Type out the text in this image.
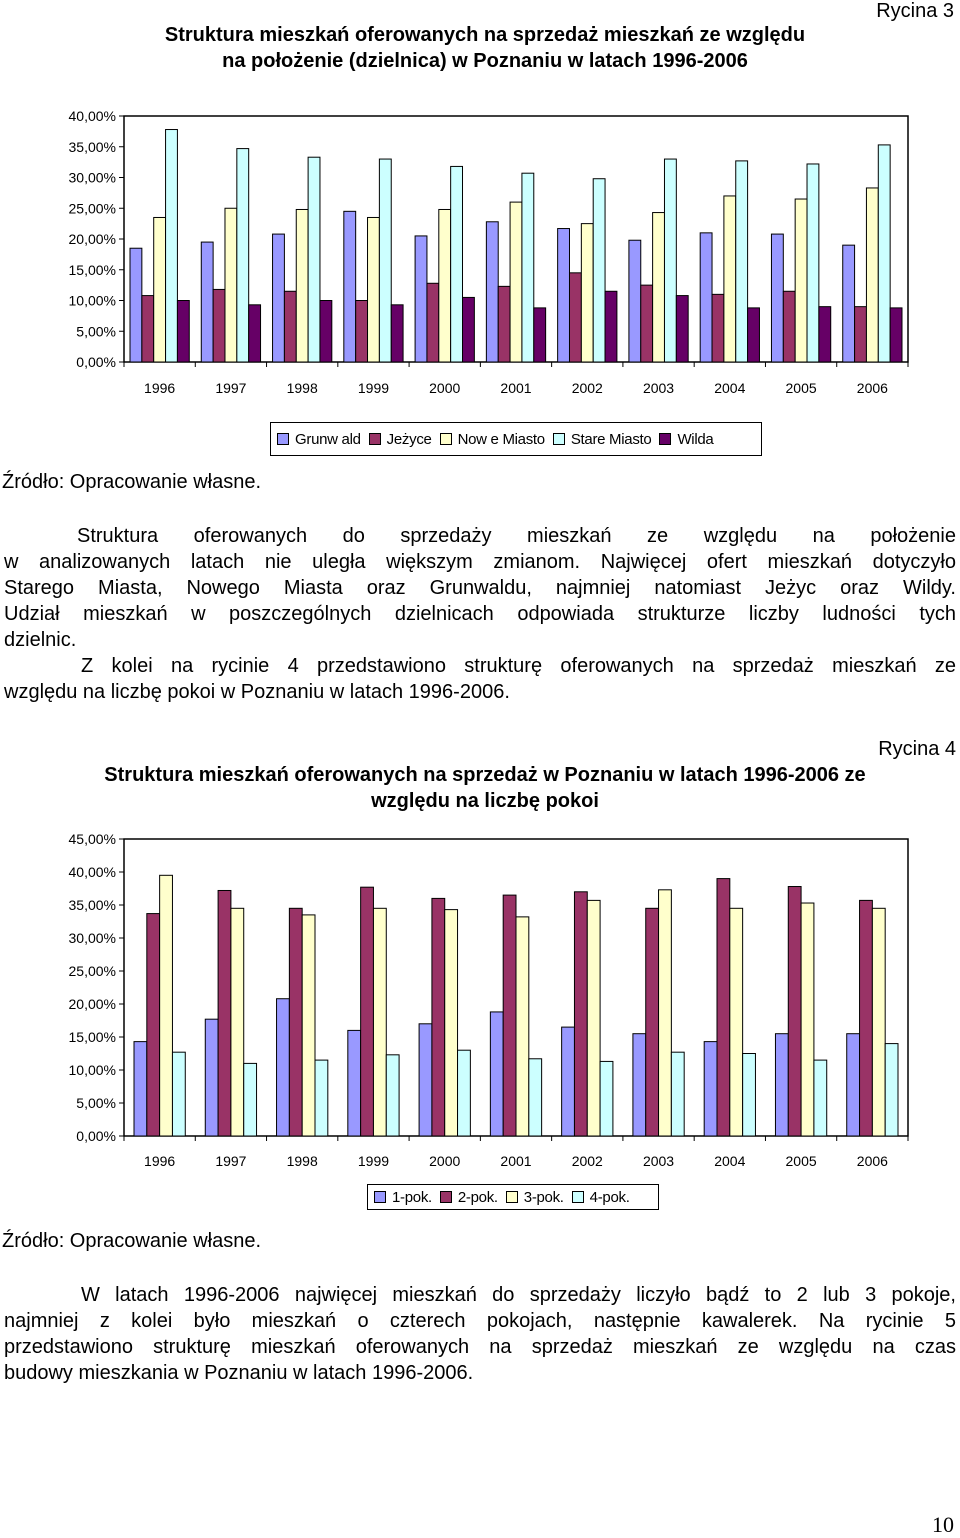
Rycina 3
Struktura mieszkań oferowanych na sprzedaż mieszkań ze względu
na położenie (dzielnica) w Poznaniu w latach 1996-2006
0,00%
5,00%
10,00%
15,00%
20,00%
25,00%
30,00%
35,00%
40,00%
1996	1997	1998	1999	2000	2001	2002	2003	2004	2005	2006
Grunw ald Jeżyce Now e Miasto Stare Miasto Wilda
Źródło: Opracowanie własne.
Struktura oferowanych do sprzedaży mieszkań ze względu na położenie
w analizowanych latach nie uległa większym zmianom. Najwięcej ofert mieszkań dotyczyło
Starego Miasta, Nowego Miasta oraz Grunwaldu, najmniej natomiast Jeżyc oraz Wildy.
Udział mieszkań w poszczególnych dzielnicach odpowiada strukturze liczby ludności tych
dzielnic.
Z kolei na rycinie 4 przedstawiono strukturę oferowanych na sprzedaż mieszkań ze
względu na liczbę pokoi w Poznaniu w latach 1996-2006.
Rycina 4
Struktura mieszkań oferowanych na sprzedaż w Poznaniu w latach 1996-2006 ze
względu na liczbę pokoi
0,00%
5,00%
10,00%
15,00%
20,00%
25,00%
30,00%
35,00%
40,00%
45,00%
1996	1997	1998	1999	2000	2001	2002	2003	2004	2005	2006
1-pok. 2-pok. 3-pok. 4-pok.
Źródło: Opracowanie własne.
W latach 1996-2006 najwięcej mieszkań do sprzedaży liczyło bądź to 2 lub 3 pokoje,
najmniej z kolei było mieszkań o czterech pokojach, następnie kawalerek. Na rycinie 5
przedstawiono strukturę mieszkań oferowanych na sprzedaż mieszkań ze względu na czas
budowy mieszkania w Poznaniu w latach 1996-2006.
10
